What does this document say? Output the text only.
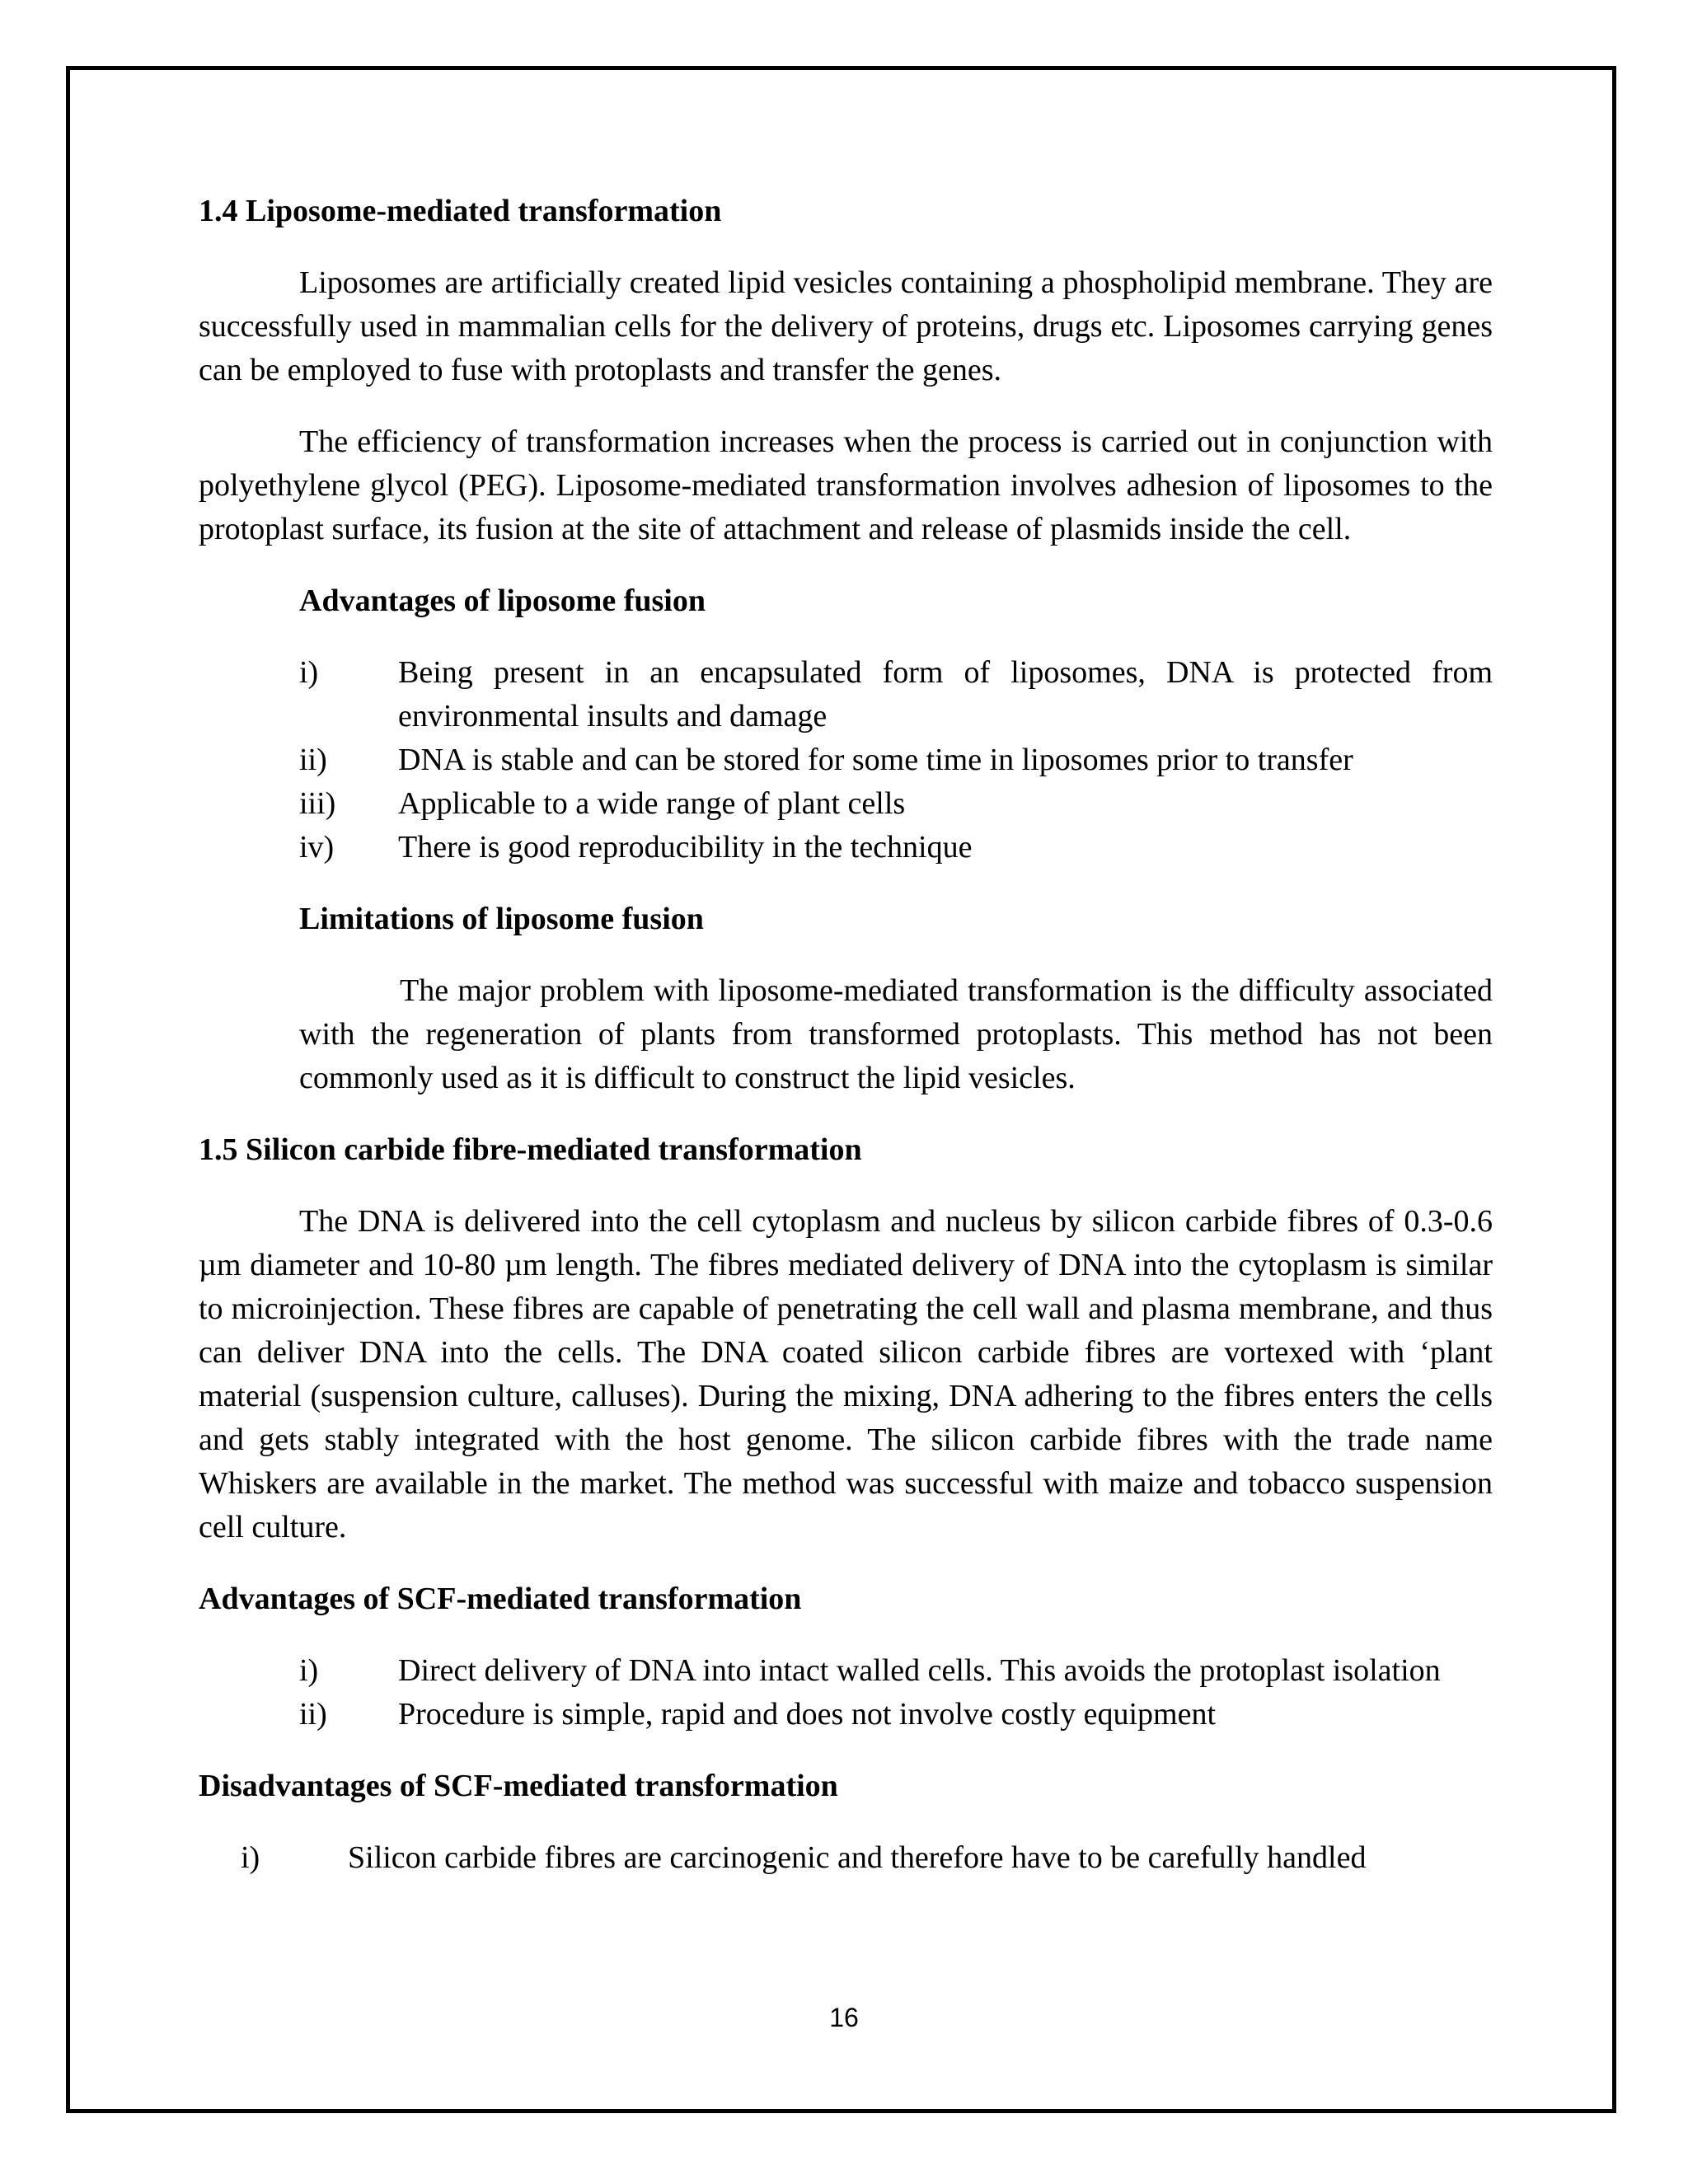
1.4 Liposome-mediated transformation

Liposomes are artificially created lipid vesicles containing a phospholipid membrane. They are successfully used in mammalian cells for the delivery of proteins, drugs etc. Liposomes carrying genes can be employed to fuse with protoplasts and transfer the genes.

The efficiency of transformation increases when the process is carried out in conjunction with polyethylene glycol (PEG). Liposome-mediated transformation involves adhesion of liposomes to the protoplast surface, its fusion at the site of attachment and release of plasmids inside the cell.

Advantages of liposome fusion
i)	Being present in an encapsulated form of liposomes, DNA is protected from environmental insults and damage
ii)	DNA is stable and can be stored for some time in liposomes prior to transfer
iii)	Applicable to a wide range of plant cells
iv)	There is good reproducibility in the technique
Limitations of liposome fusion

The major problem with liposome-mediated transformation is the difficulty associated with the regeneration of plants from transformed protoplasts. This method has not been commonly used as it is difficult to construct the lipid vesicles.

1.5 Silicon carbide fibre-mediated transformation

The DNA is delivered into the cell cytoplasm and nucleus by silicon carbide fibres of 0.3-0.6 µm diameter and 10-80 µm length. The fibres mediated delivery of DNA into the cytoplasm is similar to microinjection. These fibres are capable of penetrating the cell wall and plasma membrane, and thus can deliver DNA into the cells. The DNA coated silicon carbide fibres are vortexed with ‘plant material (suspension culture, calluses). During the mixing, DNA adhering to the fibres enters the cells and gets stably integrated with the host genome. The silicon carbide fibres with the trade name Whiskers are available in the market. The method was successful with maize and tobacco suspension cell culture.

Advantages of SCF-mediated transformation
i)	Direct delivery of DNA into intact walled cells. This avoids the protoplast isolation
ii)	Procedure is simple, rapid and does not involve costly equipment
Disadvantages of SCF-mediated transformation
i)	Silicon carbide fibres are carcinogenic and therefore have to be carefully handled
16
